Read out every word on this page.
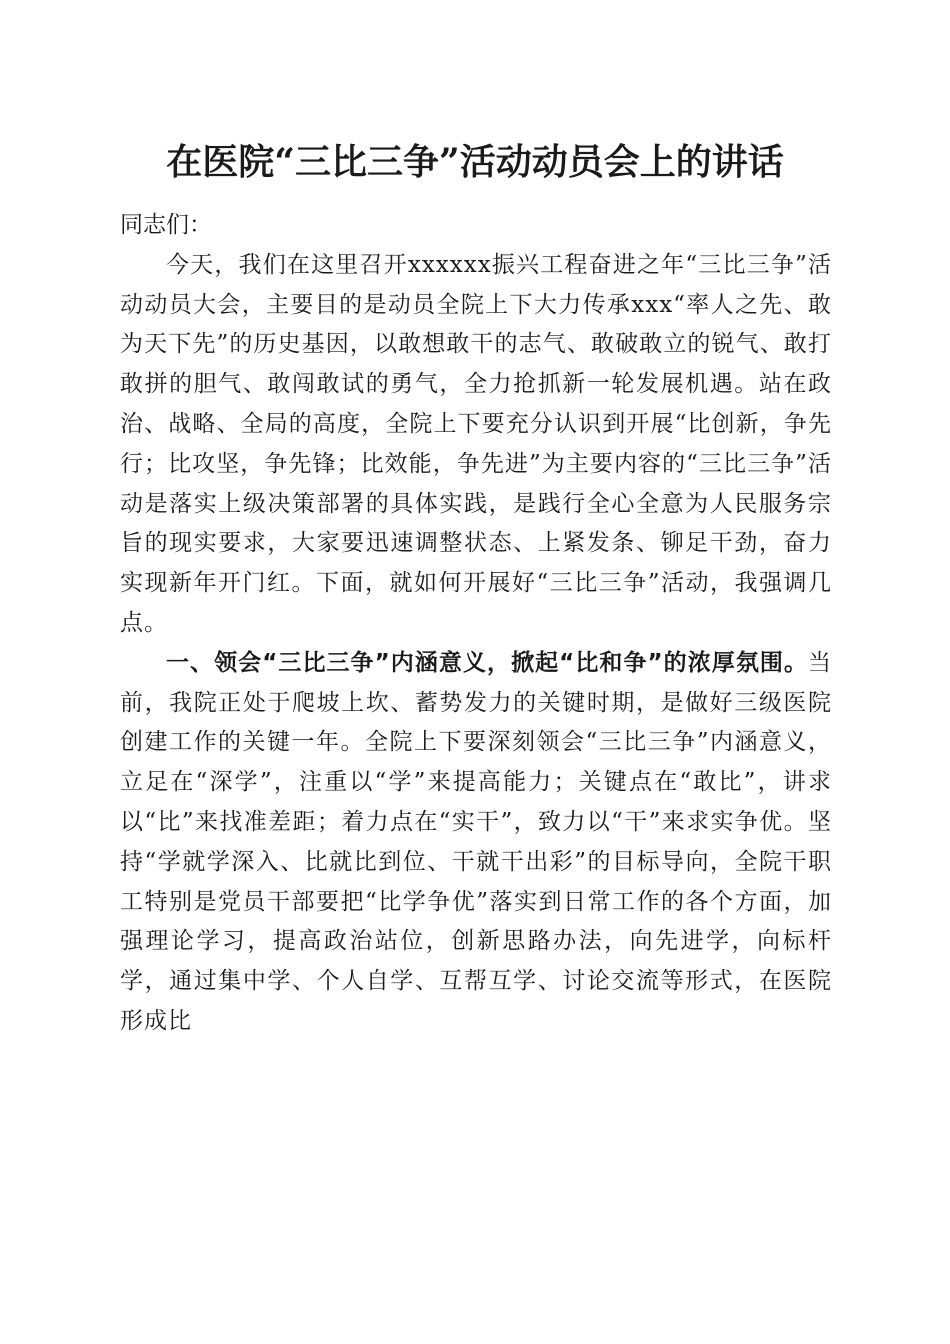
在医院“三比三争”活动动员会上的讲话

同志们：

今天，我们在这里召开xxxxxx振兴工程奋进之年“三比三争”活动动员大会，主要目的是动员全院上下大力传承xxx“率人之先、敢为天下先”的历史基因，以敢想敢干的志气、敢破敢立的锐气、敢打敢拼的胆气、敢闯敢试的勇气，全力抢抓新一轮发展机遇。站在政治、战略、全局的高度，全院上下要充分认识到开展“比创新，争先行；比攻坚，争先锋；比效能，争先进”为主要内容的“三比三争”活动是落实上级决策部署的具体实践，是践行全心全意为人民服务宗旨的现实要求，大家要迅速调整状态、上紧发条、铆足干劲，奋力实现新年开门红。下面，就如何开展好“三比三争”活动，我强调几点。

一、领会“三比三争”内涵意义，掀起“比和争”的浓厚氛围。当前，我院正处于爬坡上坎、蓄势发力的关键时期，是做好三级医院创建工作的关键一年。全院上下要深刻领会“三比三争”内涵意义，立足在“深学”，注重以“学”来提高能力；关键点在“敢比”，讲求以“比”来找准差距；着力点在“实干”，致力以“干”来求实争优。坚持“学就学深入、比就比到位、干就干出彩”的目标导向，全院干职工特别是党员干部要把“比学争优”落实到日常工作的各个方面，加强理论学习，提高政治站位，创新思路办法，向先进学，向标杆学，通过集中学、个人自学、互帮互学、讨论交流等形式，在医院形成比
